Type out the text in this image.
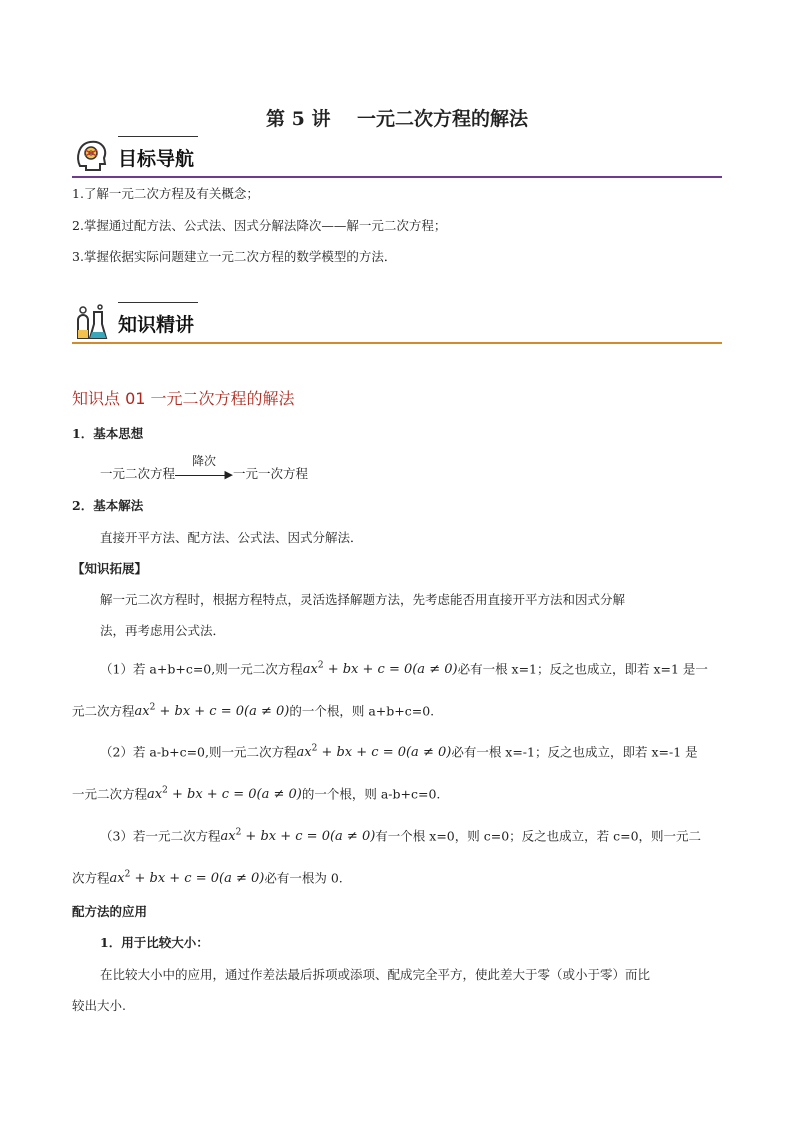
第 5 讲    一元二次方程的解法
目标导航
1.了解一元二次方程及有关概念；
2.掌握通过配方法、公式法、因式分解法降次——解一元二次方程；
3.掌握依据实际问题建立一元二次方程的数学模型的方法．
知识精讲
知识点 01 一元二次方程的解法
1．基本思想
一元二次方程
降次
▶ 一元一次方程
2．基本解法
直接开平方法、配方法、公式法、因式分解法．
【知识拓展】
解一元二次方程时，根据方程特点，灵活选择解题方法，先考虑能否用直接开平方法和因式分解
法，再考虑用公式法．
（1）若 a+b+c=0,则一元二次方程$ax^2$ + bx + c = 0(a ≠ 0)必有一根 x=1；反之也成立，即若 x=1 是一
元二次方程$ax^2$ + bx + c = 0(a ≠ 0)的一个根，则 a+b+c=0.
（2）若 a-b+c=0,则一元二次方程$ax^2$ + bx + c = 0(a ≠ 0)必有一根 x=-1；反之也成立，即若 x=-1 是
一元二次方程$ax^2$ + bx + c = 0(a ≠ 0)的一个根，则 a-b+c=0.
（3）若一元二次方程$ax^2$ + bx + c = 0(a ≠ 0)有一个根 x=0，则 c=0；反之也成立，若 c=0，则一元二
次方程$ax^2$ + bx + c = 0(a ≠ 0)必有一根为 0.
配方法的应用
1．用于比较大小：
在比较大小中的应用，通过作差法最后拆项或添项、配成完全平方，使此差大于零（或小于零）而比
较出大小.
